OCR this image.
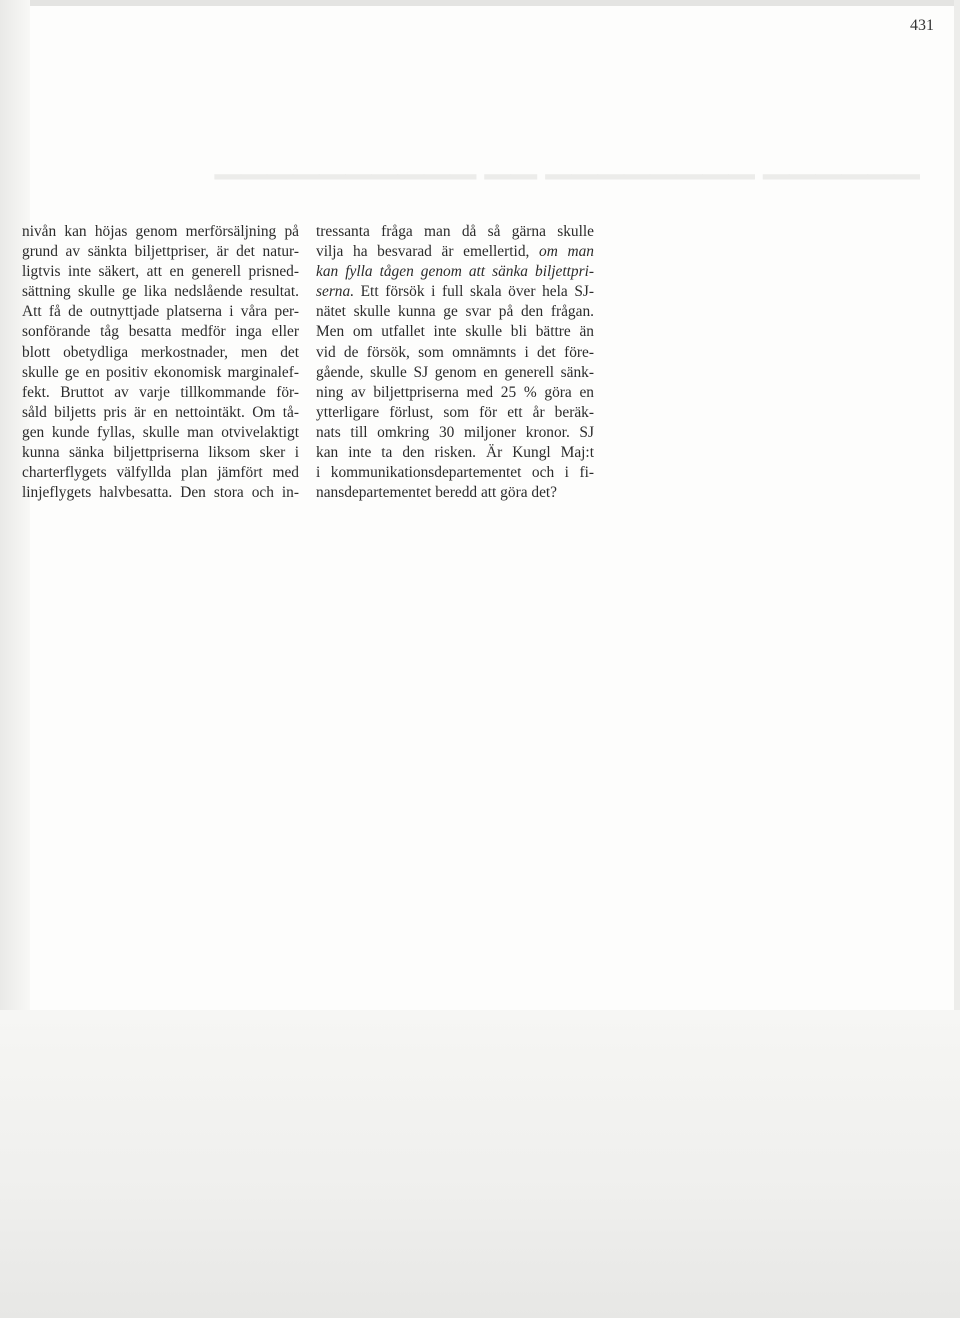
▁▁▁▁▁▁ ▁▁▁▁▁▁▁▁ ▁▁ ▁▁▁▁▁▁▁▁▁▁
431
nivån kan höjas genom merförsäljning på
grund av sänkta biljettpriser, är det natur-
ligtvis inte säkert, att en generell prisned-
sättning skulle ge lika nedslående resultat.
Att få de outnyttjade platserna i våra per-
sonförande tåg besatta medför inga eller
blott obetydliga merkostnader, men det
skulle ge en positiv ekonomisk marginalef-
fekt. Bruttot av varje tillkommande för-
såld biljetts pris är en nettointäkt. Om tå-
gen kunde fyllas, skulle man otvivelaktigt
kunna sänka biljettpriserna liksom sker i
charterflygets välfyllda plan jämfört med
linjeflygets halvbesatta. Den stora och in-
tressanta fråga man då så gärna skulle
vilja ha besvarad är emellertid, om man
kan fylla tågen genom att sänka biljettpri-
serna. Ett försök i full skala över hela SJ-
nätet skulle kunna ge svar på den frågan.
Men om utfallet inte skulle bli bättre än
vid de försök, som omnämnts i det före-
gående, skulle SJ genom en generell sänk-
ning av biljettpriserna med 25 % göra en
ytterligare förlust, som för ett år beräk-
nats till omkring 30 miljoner kronor. SJ
kan inte ta den risken. Är Kungl Maj:t
i kommunikationsdepartementet och i fi-
nansdepartementet beredd att göra det?
